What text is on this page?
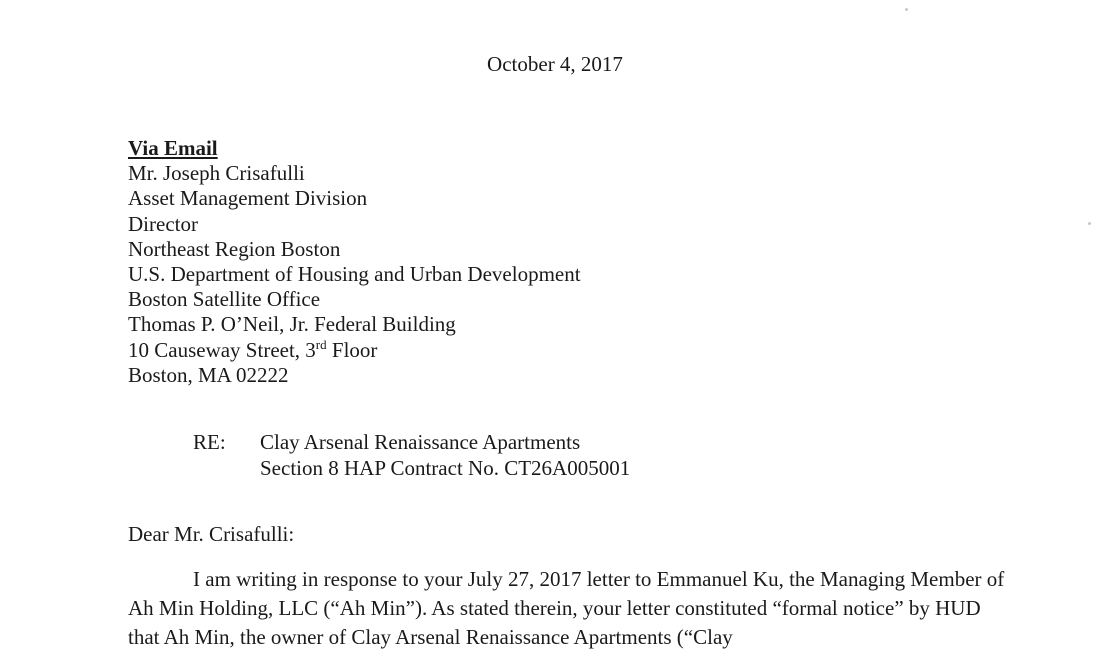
October 4, 2017
Via Email
Mr. Joseph Crisafulli
Asset Management Division
Director
Northeast Region Boston
U.S. Department of Housing and Urban Development
Boston Satellite Office
Thomas P. O’Neil, Jr. Federal Building
10 Causeway Street, 3rd Floor
Boston, MA 02222
RE: Clay Arsenal Renaissance Apartments
Section 8 HAP Contract No. CT26A005001
Dear Mr. Crisafulli:
I am writing in response to your July 27, 2017 letter to Emmanuel Ku, the Managing Member of Ah Min Holding, LLC (“Ah Min”). As stated therein, your letter constituted “formal notice” by HUD that Ah Min, the owner of Clay Arsenal Renaissance Apartments (“Clay
